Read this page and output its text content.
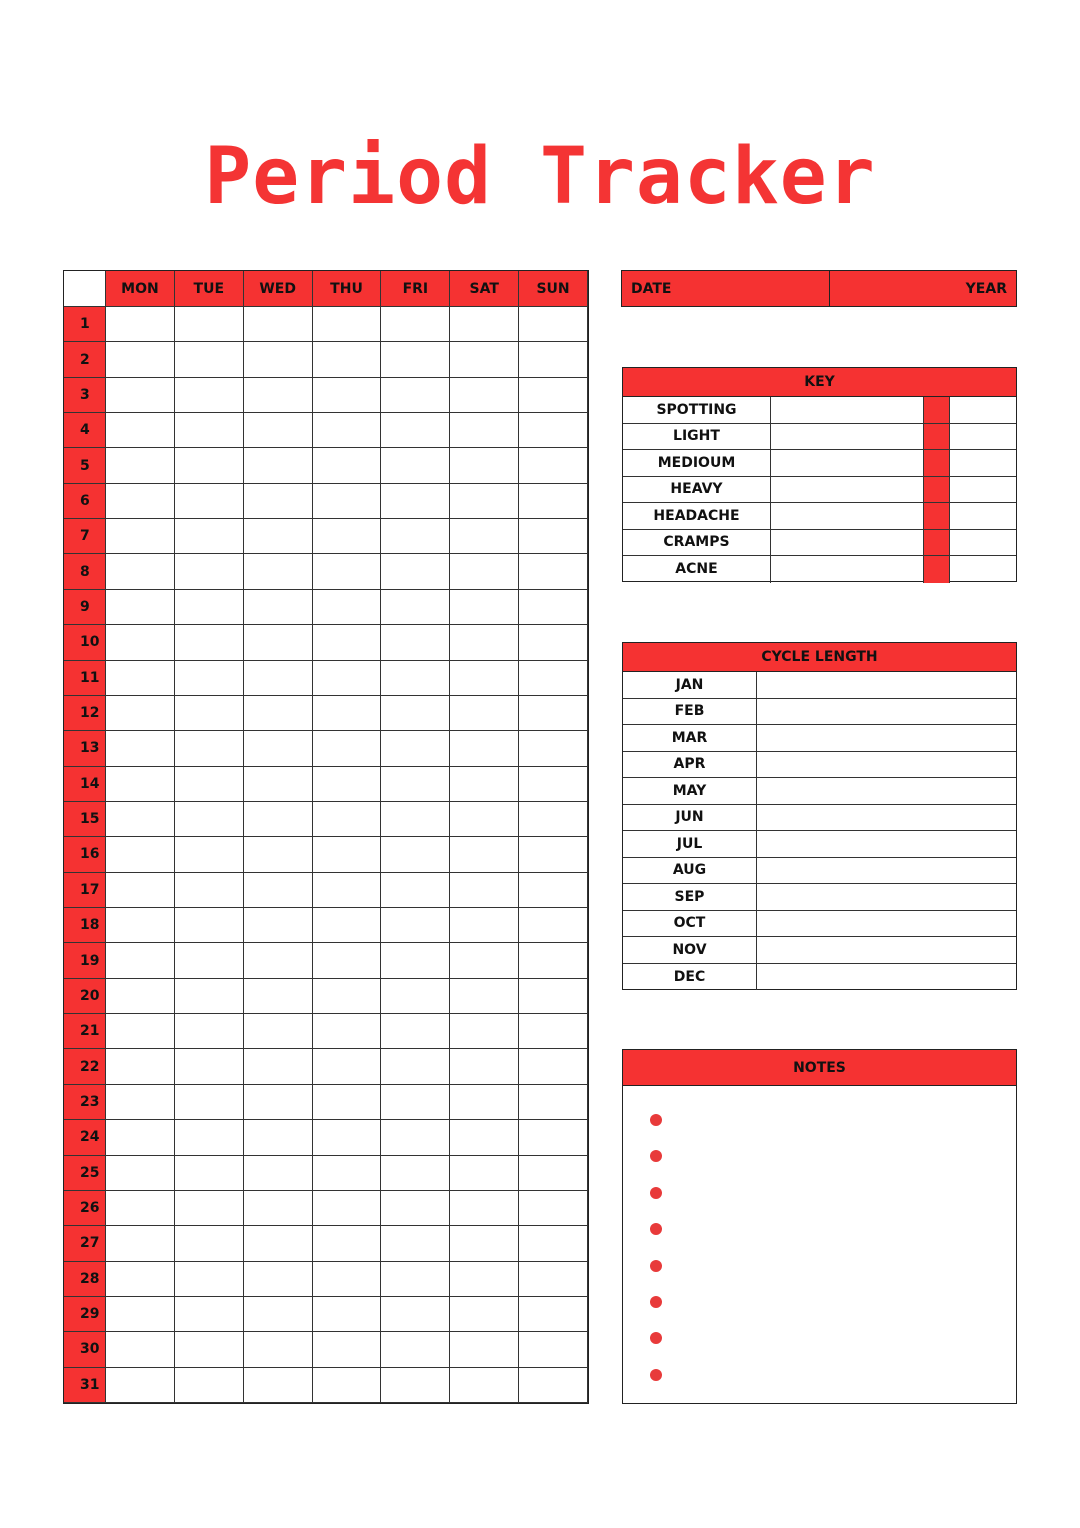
Period Tracker
MON	TUE	WED	THU	FRI	SAT	SUN
1
2
3
4
5
6
7
8
9
10
11
12
13
14
15
16
17
18
19
20
21
22
23
24
25
26
27
28
29
30
31
DATE	YEAR
KEY
SPOTTING
LIGHT
MEDIOUM
HEAVY
HEADACHE
CRAMPS
ACNE
CYCLE LENGTH
JAN
FEB
MAR
APR
MAY
JUN
JUL
AUG
SEP
OCT
NOV
DEC
NOTES
